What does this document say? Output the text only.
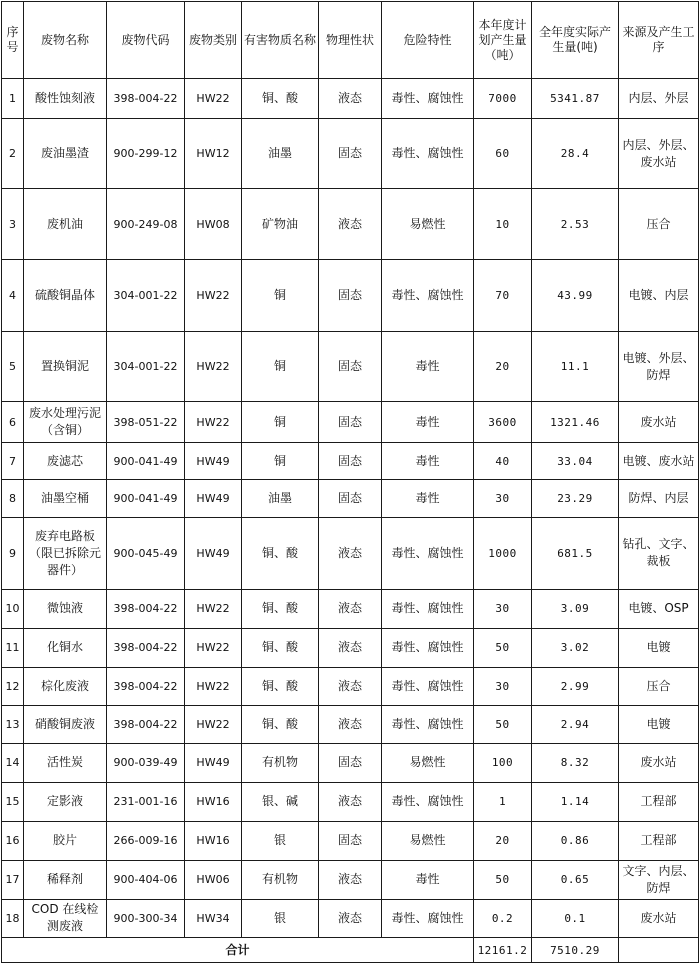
序号	废物名称	废物代码	废物类别	有害物质名称	物理性状	危险特性	本年度计划产生量（吨）	全年度实际产生量(吨)	来源及产生工序
1	酸性蚀刻液	398-004-22	HW22	铜、酸	液态	毒性、腐蚀性	7000	5341.87	内层、外层
2	废油墨渣	900-299-12	HW12	油墨	固态	毒性、腐蚀性	60	28.4	内层、外层、废水站
3	废机油	900-249-08	HW08	矿物油	液态	易燃性	10	2.53	压合
4	硫酸铜晶体	304-001-22	HW22	铜	固态	毒性、腐蚀性	70	43.99	电镀、内层
5	置换铜泥	304-001-22	HW22	铜	固态	毒性	20	11.1	电镀、外层、防焊
6	废水处理污泥（含铜）	398-051-22	HW22	铜	固态	毒性	3600	1321.46	废水站
7	废滤芯	900-041-49	HW49	铜	固态	毒性	40	33.04	电镀、废水站
8	油墨空桶	900-041-49	HW49	油墨	固态	毒性	30	23.29	防焊、内层
9	废弃电路板（限已拆除元器件）	900-045-49	HW49	铜、酸	液态	毒性、腐蚀性	1000	681.5	钻孔、文字、裁板
10	微蚀液	398-004-22	HW22	铜、酸	液态	毒性、腐蚀性	30	3.09	电镀、OSP
11	化铜水	398-004-22	HW22	铜、酸	液态	毒性、腐蚀性	50	3.02	电镀
12	棕化废液	398-004-22	HW22	铜、酸	液态	毒性、腐蚀性	30	2.99	压合
13	硝酸铜废液	398-004-22	HW22	铜、酸	液态	毒性、腐蚀性	50	2.94	电镀
14	活性炭	900-039-49	HW49	有机物	固态	易燃性	100	8.32	废水站
15	定影液	231-001-16	HW16	银、碱	液态	毒性、腐蚀性	1	1.14	工程部
16	胶片	266-009-16	HW16	银	固态	易燃性	20	0.86	工程部
17	稀释剂	900-404-06	HW06	有机物	液态	毒性	50	0.65	文字、内层、防焊
18	COD 在线检测废液	900-300-34	HW34	银	液态	毒性、腐蚀性	0.2	0.1	废水站
合计							12161.2	7510.29	
